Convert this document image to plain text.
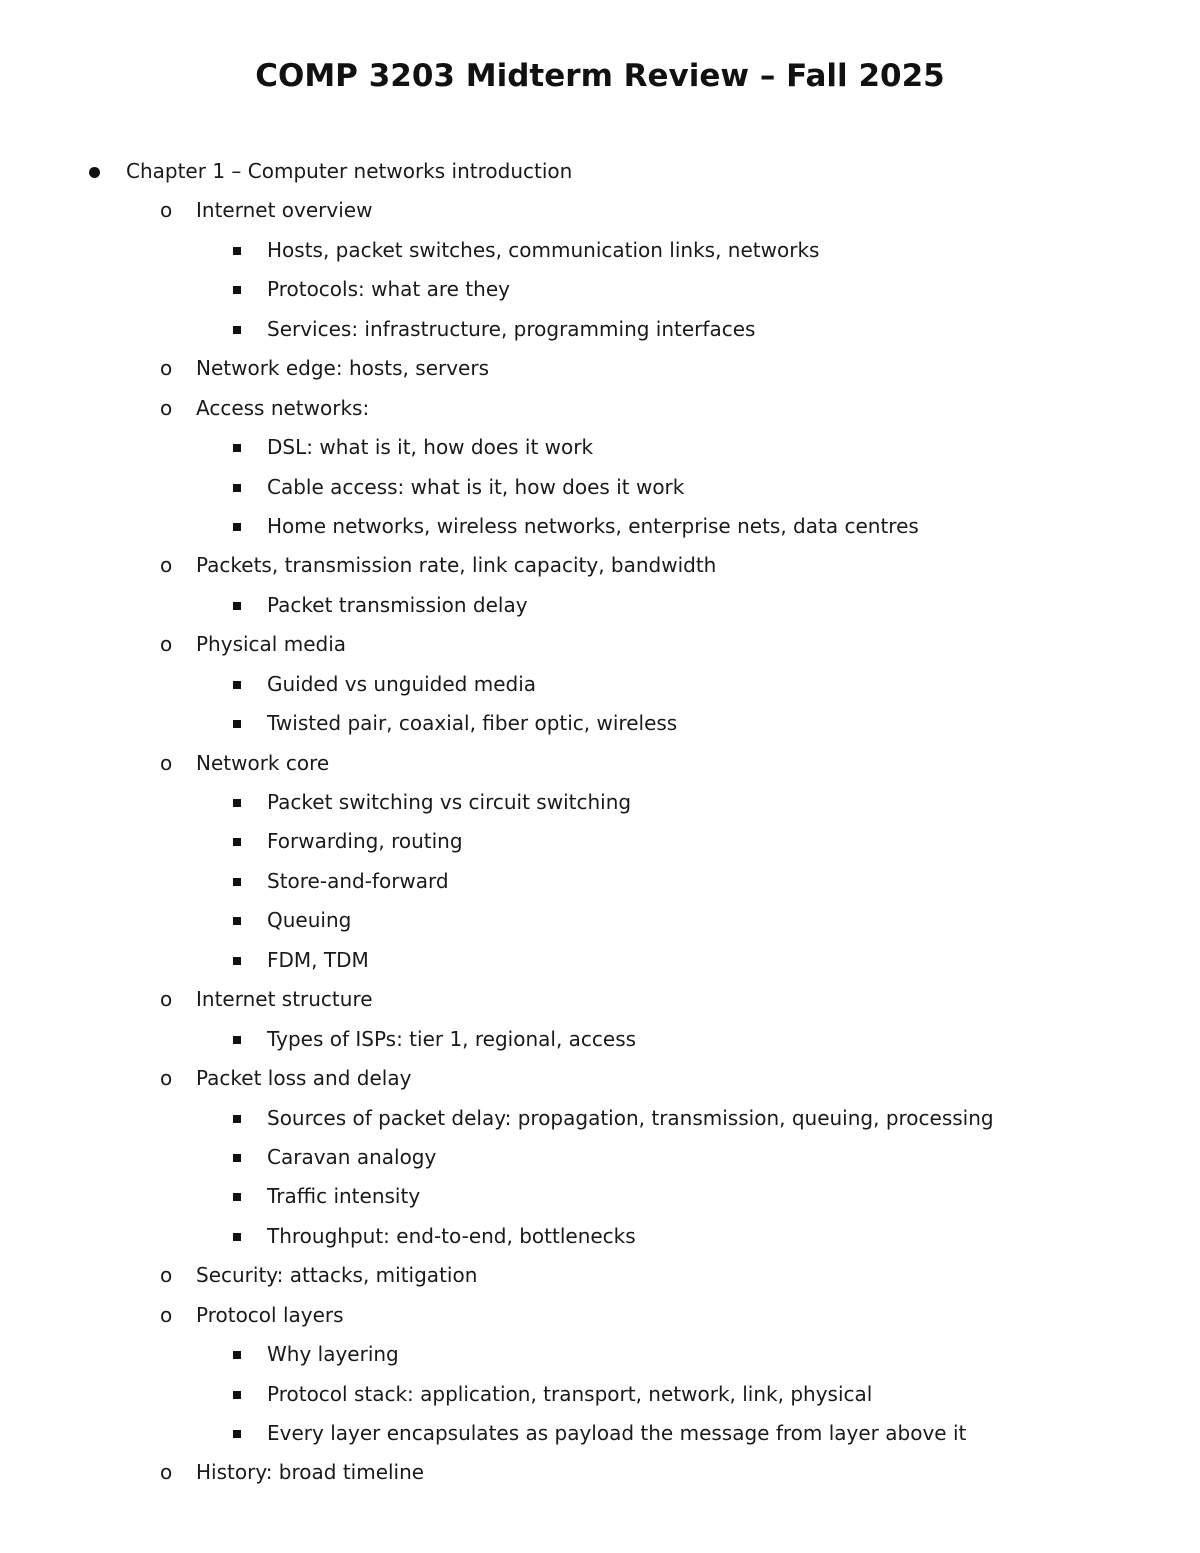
COMP 3203 Midterm Review – Fall 2025
Chapter 1 – Computer networks introduction
o Internet overview
Hosts, packet switches, communication links, networks
Protocols: what are they
Services: infrastructure, programming interfaces
o Network edge: hosts, servers
o Access networks:
DSL: what is it, how does it work
Cable access: what is it, how does it work
Home networks, wireless networks, enterprise nets, data centres
o Packets, transmission rate, link capacity, bandwidth
Packet transmission delay
o Physical media
Guided vs unguided media
Twisted pair, coaxial, fiber optic, wireless
o Network core
Packet switching vs circuit switching
Forwarding, routing
Store-and-forward
Queuing
FDM, TDM
o Internet structure
Types of ISPs: tier 1, regional, access
o Packet loss and delay
Sources of packet delay: propagation, transmission, queuing, processing
Caravan analogy
Traffic intensity
Throughput: end-to-end, bottlenecks
o Security: attacks, mitigation
o Protocol layers
Why layering
Protocol stack: application, transport, network, link, physical
Every layer encapsulates as payload the message from layer above it
o History: broad timeline
